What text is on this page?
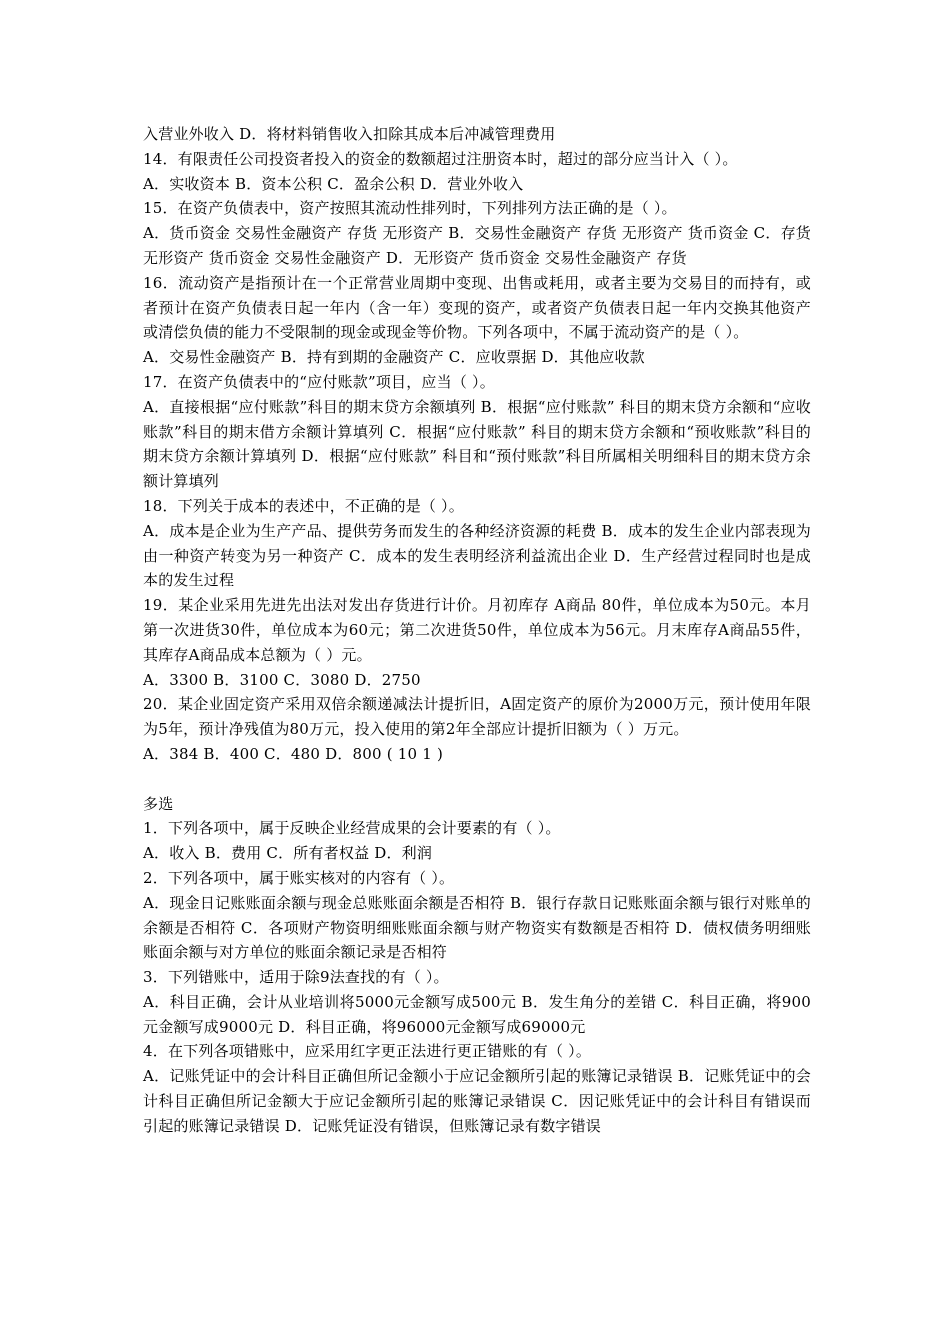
入营业外收入 D．将材料销售收入扣除其成本后冲减管理费用

14．有限责任公司投资者投入的资金的数额超过注册资本时，超过的部分应当计入（ ）。

A．实收资本 B．资本公积 C．盈余公积 D．营业外收入

15．在资产负债表中，资产按照其流动性排列时，下列排列方法正确的是（ ）。

A．货币资金 交易性金融资产 存货 无形资产 B．交易性金融资产 存货 无形资产 货币资金 C．存货 无形资产 货币资金 交易性金融资产 D．无形资产 货币资金 交易性金融资产 存货

16．流动资产是指预计在一个正常营业周期中变现、出售或耗用，或者主要为交易目的而持有，或者预计在资产负债表日起一年内（含一年）变现的资产，或者资产负债表日起一年内交换其他资产或清偿负债的能力不受限制的现金或现金等价物。下列各项中，不属于流动资产的是（ ）。

A．交易性金融资产 B．持有到期的金融资产 C．应收票据 D．其他应收款

17．在资产负债表中的“应付账款”项目，应当（ ）。

A．直接根据“应付账款”科目的期末贷方余额填列 B．根据“应付账款” 科目的期末贷方余额和“应收账款”科目的期末借方余额计算填列 C．根据“应付账款” 科目的期末贷方余额和“预收账款”科目的期末贷方余额计算填列 D．根据“应付账款” 科目和“预付账款”科目所属相关明细科目的期末贷方余额计算填列

18．下列关于成本的表述中，不正确的是（ ）。

A．成本是企业为生产产品、提供劳务而发生的各种经济资源的耗费 B．成本的发生企业内部表现为由一种资产转变为另一种资产 C．成本的发生表明经济利益流出企业 D．生产经营过程同时也是成本的发生过程

19．某企业采用先进先出法对发出存货进行计价。月初库存 A商品 80件，单位成本为50元。本月第一次进货30件，单位成本为60元；第二次进货50件，单位成本为56元。月末库存A商品55件，其库存A商品成本总额为（ ）元。

A．3300 B．3100 C．3080 D．2750

20．某企业固定资产采用双倍余额递减法计提折旧，A固定资产的原价为2000万元，预计使用年限为5年，预计净残值为80万元，投入使用的第2年全部应计提折旧额为（ ）万元。

A．384 B．400 C．480 D．800 ( 10 1 )

多选

1．下列各项中，属于反映企业经营成果的会计要素的有（ ）。

A．收入 B．费用 C．所有者权益 D．利润

2．下列各项中，属于账实核对的内容有（ ）。

A．现金日记账账面余额与现金总账账面余额是否相符 B．银行存款日记账账面余额与银行对账单的余额是否相符 C．各项财产物资明细账账面余额与财产物资实有数额是否相符 D．债权债务明细账账面余额与对方单位的账面余额记录是否相符

3．下列错账中，适用于除9法查找的有（ ）。

A．科目正确，会计从业培训将5000元金额写成500元 B．发生角分的差错 C．科目正确，将900元金额写成9000元 D．科目正确，将96000元金额写成69000元

4．在下列各项错账中，应采用红字更正法进行更正错账的有（ ）。

A．记账凭证中的会计科目正确但所记金额小于应记金额所引起的账簿记录错误 B．记账凭证中的会计科目正确但所记金额大于应记金额所引起的账簿记录错误 C．因记账凭证中的会计科目有错误而引起的账簿记录错误 D．记账凭证没有错误，但账簿记录有数字错误
